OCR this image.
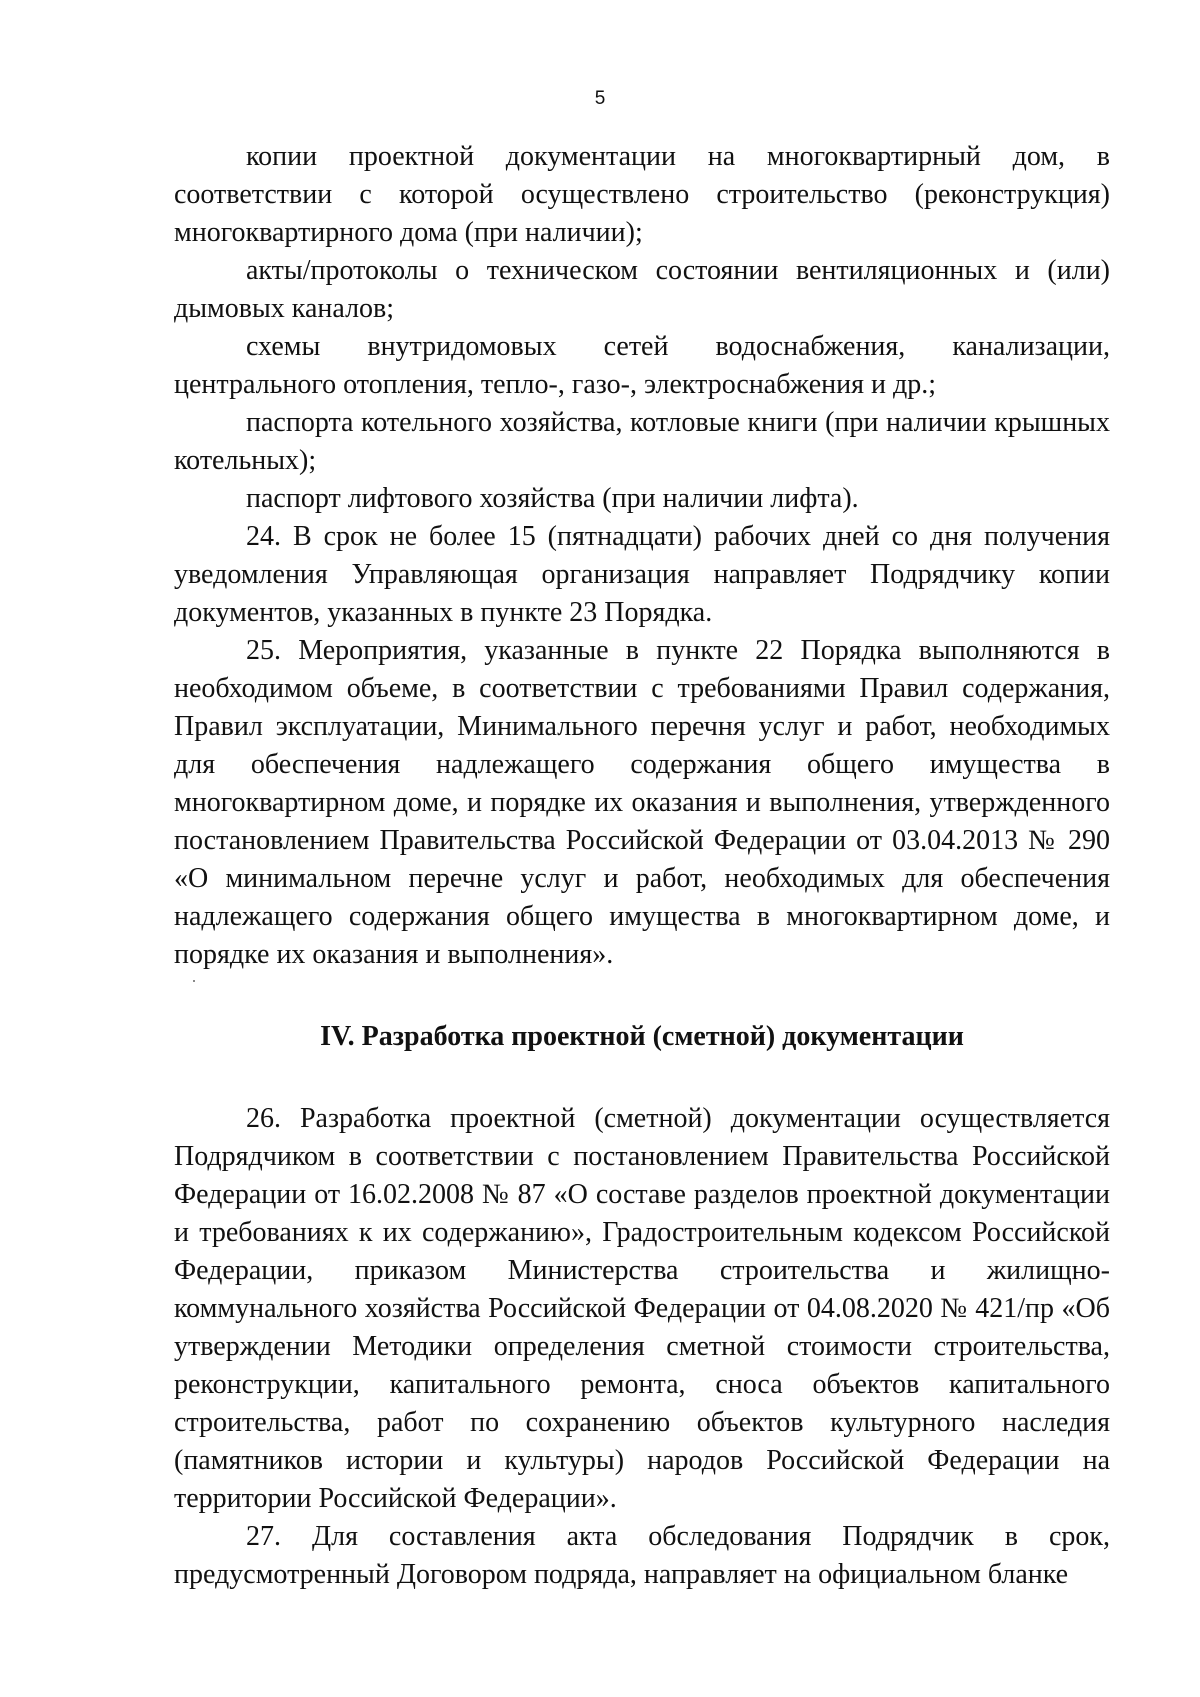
5

копии проектной документации на многоквартирный дом, в соответствии с которой осуществлено строительство (реконструкция) многоквартирного дома (при наличии);

акты/протоколы о техническом состоянии вентиляционных и (или) дымовых каналов;

схемы внутридомовых сетей водоснабжения, канализации, центрального отопления, тепло-, газо-, электроснабжения и др.;

паспорта котельного хозяйства, котловые книги (при наличии крышных котельных);

паспорт лифтового хозяйства (при наличии лифта).

24. В срок не более 15 (пятнадцати) рабочих дней со дня получения уведомления Управляющая организация направляет Подрядчику копии документов, указанных в пункте 23 Порядка.

25. Мероприятия, указанные в пункте 22 Порядка выполняются в необходимом объеме, в соответствии с требованиями Правил содержания, Правил эксплуатации, Минимального перечня услуг и работ, необходимых для обеспечения надлежащего содержания общего имущества в многоквартирном доме, и порядке их оказания и выполнения, утвержденного постановлением Правительства Российской Федерации от 03.04.2013 № 290 «О минимальном перечне услуг и работ, необходимых для обеспечения надлежащего содержания общего имущества в многоквартирном доме, и порядке их оказания и выполнения».

IV. Разработка проектной (сметной) документации

26. Разработка проектной (сметной) документации осуществляется Подрядчиком в соответствии с постановлением Правительства Российской Федерации от 16.02.2008 № 87 «О составе разделов проектной документации и требованиях к их содержанию», Градостроительным кодексом Российской Федерации, приказом Министерства строительства и жилищно-коммунального хозяйства Российской Федерации от 04.08.2020 № 421/пр «Об утверждении Методики определения сметной стоимости строительства, реконструкции, капитального ремонта, сноса объектов капитального строительства, работ по сохранению объектов культурного наследия (памятников истории и культуры) народов Российской Федерации на территории Российской Федерации».

27. Для составления акта обследования Подрядчик в срок, предусмотренный Договором подряда, направляет на официальном бланке
